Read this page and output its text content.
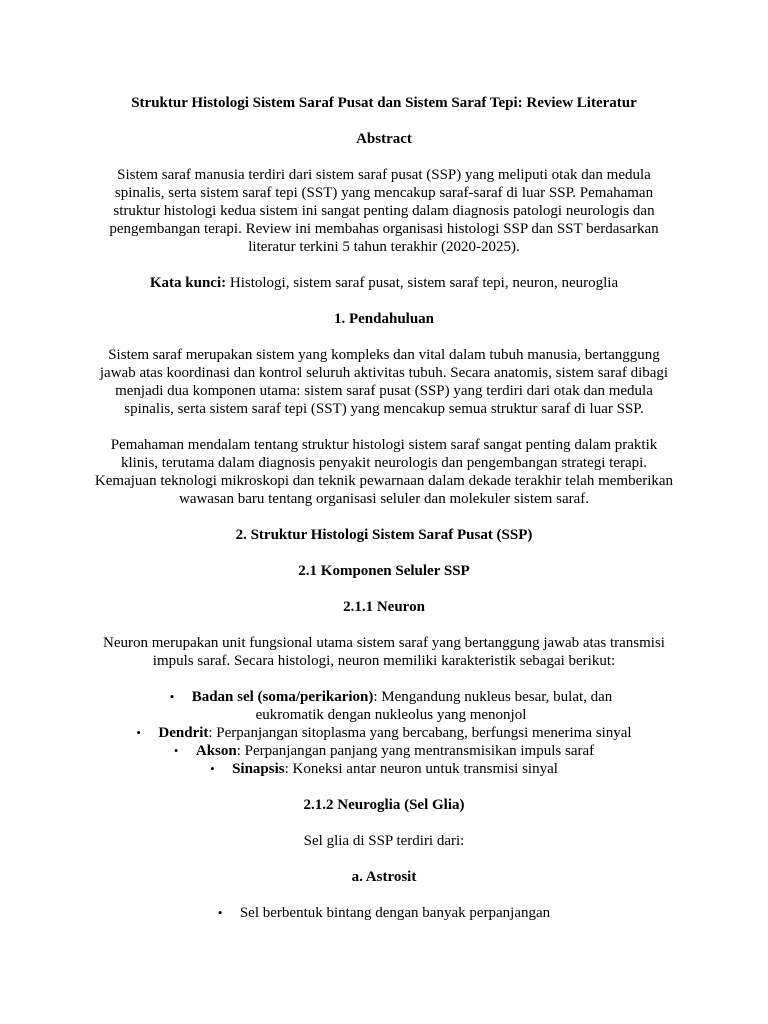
Struktur Histologi Sistem Saraf Pusat dan Sistem Saraf Tepi: Review Literatur
Abstract

Sistem saraf manusia terdiri dari sistem saraf pusat (SSP) yang meliputi otak dan medula spinalis, serta sistem saraf tepi (SST) yang mencakup saraf-saraf di luar SSP. Pemahaman struktur histologi kedua sistem ini sangat penting dalam diagnosis patologi neurologis dan pengembangan terapi. Review ini membahas organisasi histologi SSP dan SST berdasarkan literatur terkini 5 tahun terakhir (2020-2025).

Kata kunci: Histologi, sistem saraf pusat, sistem saraf tepi, neuron, neuroglia

1. Pendahuluan

Sistem saraf merupakan sistem yang kompleks dan vital dalam tubuh manusia, bertanggung jawab atas koordinasi dan kontrol seluruh aktivitas tubuh. Secara anatomis, sistem saraf dibagi menjadi dua komponen utama: sistem saraf pusat (SSP) yang terdiri dari otak dan medula spinalis, serta sistem saraf tepi (SST) yang mencakup semua struktur saraf di luar SSP.

Pemahaman mendalam tentang struktur histologi sistem saraf sangat penting dalam praktik klinis, terutama dalam diagnosis penyakit neurologis dan pengembangan strategi terapi. Kemajuan teknologi mikroskopi dan teknik pewarnaan dalam dekade terakhir telah memberikan wawasan baru tentang organisasi seluler dan molekuler sistem saraf.

2. Struktur Histologi Sistem Saraf Pusat (SSP)
2.1 Komponen Seluler SSP
2.1.1 Neuron

Neuron merupakan unit fungsional utama sistem saraf yang bertanggung jawab atas transmisi impuls saraf. Secara histologi, neuron memiliki karakteristik sebagai berikut:

• Badan sel (soma/perikarion): Mengandung nukleus besar, bulat, dan eukromatik dengan nukleolus yang menonjol
• Dendrit: Perpanjangan sitoplasma yang bercabang, berfungsi menerima sinyal
• Akson: Perpanjangan panjang yang mentransmisikan impuls saraf
• Sinapsis: Koneksi antar neuron untuk transmisi sinyal
2.1.2 Neuroglia (Sel Glia)

Sel glia di SSP terdiri dari:

a. Astrosit
• Sel berbentuk bintang dengan banyak perpanjangan
